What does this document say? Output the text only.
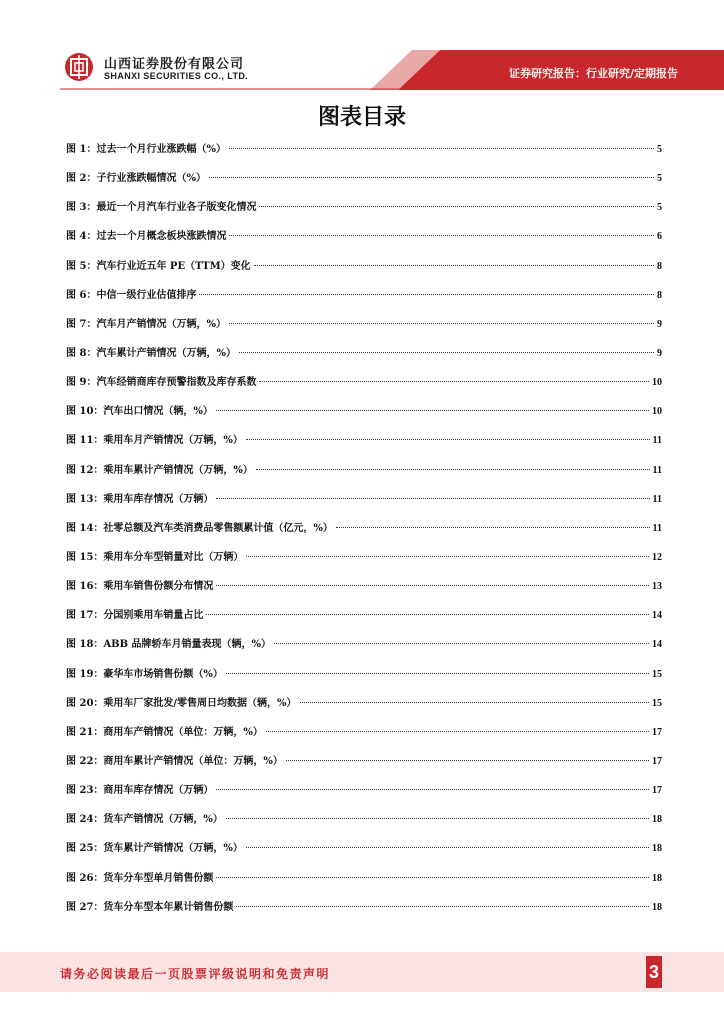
山西证券股份有限公司
SHANXI SECURITIES CO., LTD.	证券研究报告：行业研究/定期报告
图表目录
图 1：过去一个月行业涨跌幅（%）	5
图 2：子行业涨跌幅情况（%）	5
图 3：最近一个月汽车行业各子版变化情况	5
图 4：过去一个月概念板块涨跌情况	6
图 5：汽车行业近五年 PE（TTM）变化	8
图 6：中信一级行业估值排序	8
图 7：汽车月产销情况（万辆，%）	9
图 8：汽车累计产销情况（万辆，%）	9
图 9：汽车经销商库存预警指数及库存系数	10
图 10：汽车出口情况（辆，%）	10
图 11：乘用车月产销情况（万辆，%）	11
图 12：乘用车累计产销情况（万辆，%）	11
图 13：乘用车库存情况（万辆）	11
图 14：社零总额及汽车类消费品零售额累计值（亿元，%）	11
图 15：乘用车分车型销量对比（万辆）	12
图 16：乘用车销售份额分布情况	13
图 17：分国别乘用车销量占比	14
图 18：ABB 品牌轿车月销量表现（辆，%）	14
图 19：豪华车市场销售份额（%）	15
图 20：乘用车厂家批发/零售周日均数据（辆，%）	15
图 21：商用车产销情况（单位：万辆，%）	17
图 22：商用车累计产销情况（单位：万辆，%）	17
图 23：商用车库存情况（万辆）	17
图 24：货车产销情况（万辆，%）	18
图 25：货车累计产销情况（万辆，%）	18
图 26：货车分车型单月销售份额	18
图 27：货车分车型本年累计销售份额	18
请务必阅读最后一页股票评级说明和免责声明	3
